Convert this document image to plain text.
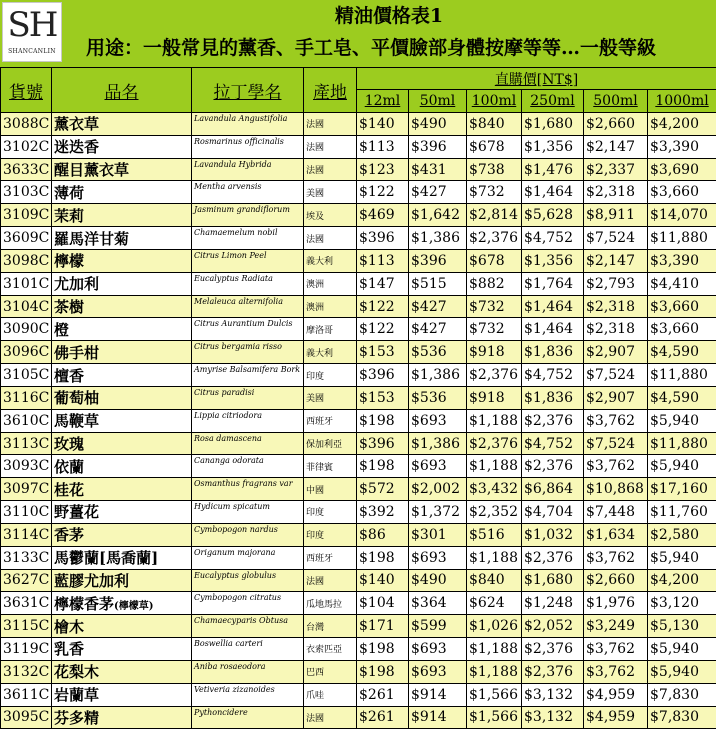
SH
SHANCANLIN
精油價格表1
用途：一般常見的薰香、手工皂、平價臉部身體按摩等等…一般等級
貨號	品名	拉丁學名	產地	直購價[NT$]					
				12ml	50ml	100ml	250ml	500ml	1000ml
3088C	薰衣草	Lavandula Angustifolia	法國	$140	$490	$840	$1,680	$2,660	$4,200
3102C	迷迭香	Rosmarinus officinalis	法國	$113	$396	$678	$1,356	$2,147	$3,390
3633C	醒目薰衣草	Lavandula Hybrida	法國	$123	$431	$738	$1,476	$2,337	$3,690
3103C	薄荷	Mentha arvensis	美國	$122	$427	$732	$1,464	$2,318	$3,660
3109C	茉莉	Jasminum grandiflorum	埃及	$469	$1,642	$2,814	$5,628	$8,911	$14,070
3609C	羅馬洋甘菊	Chamaemelum nobil	法國	$396	$1,386	$2,376	$4,752	$7,524	$11,880
3098C	檸檬	Citrus Limon Peel	義大利	$113	$396	$678	$1,356	$2,147	$3,390
3101C	尤加利	Eucalyptus Radiata	澳洲	$147	$515	$882	$1,764	$2,793	$4,410
3104C	茶樹	Melaleuca alternifolia	澳洲	$122	$427	$732	$1,464	$2,318	$3,660
3090C	橙	Citrus Aurantium Dulcis	摩洛哥	$122	$427	$732	$1,464	$2,318	$3,660
3096C	佛手柑	Citrus bergamia risso	義大利	$153	$536	$918	$1,836	$2,907	$4,590
3105C	檀香	Amyrise Balsamifera Bork	印度	$396	$1,386	$2,376	$4,752	$7,524	$11,880
3116C	葡萄柚	Citrus paradisi	美國	$153	$536	$918	$1,836	$2,907	$4,590
3610C	馬鞭草	Lippia citriodora	西班牙	$198	$693	$1,188	$2,376	$3,762	$5,940
3113C	玫瑰	Rosa damascena	保加利亞	$396	$1,386	$2,376	$4,752	$7,524	$11,880
3093C	依蘭	Cananga odorata	菲律賓	$198	$693	$1,188	$2,376	$3,762	$5,940
3097C	桂花	Osmanthus fragrans var	中國	$572	$2,002	$3,432	$6,864	$10,868	$17,160
3110C	野薑花	Hydicum spicatum	印度	$392	$1,372	$2,352	$4,704	$7,448	$11,760
3114C	香茅	Cymbopogon nardus	印度	$86	$301	$516	$1,032	$1,634	$2,580
3133C	馬鬱蘭[馬喬蘭]	Origanum majorana	西班牙	$198	$693	$1,188	$2,376	$3,762	$5,940
3627C	藍膠尤加利	Eucalyptus globulus	法國	$140	$490	$840	$1,680	$2,660	$4,200
3631C	檸檬香茅(檸檬草)	Cymbopogon citratus	瓜地馬拉	$104	$364	$624	$1,248	$1,976	$3,120
3115C	檜木	Chamaecyparis Obtusa	台灣	$171	$599	$1,026	$2,052	$3,249	$5,130
3119C	乳香	Boswellia carteri	衣索匹亞	$198	$693	$1,188	$2,376	$3,762	$5,940
3132C	花梨木	Aniba rosaeodora	巴西	$198	$693	$1,188	$2,376	$3,762	$5,940
3611C	岩蘭草	Vetiveria zizanoides	爪哇	$261	$914	$1,566	$3,132	$4,959	$7,830
3095C	芬多精	Pythoncidere	法國	$261	$914	$1,566	$3,132	$4,959	$7,830
